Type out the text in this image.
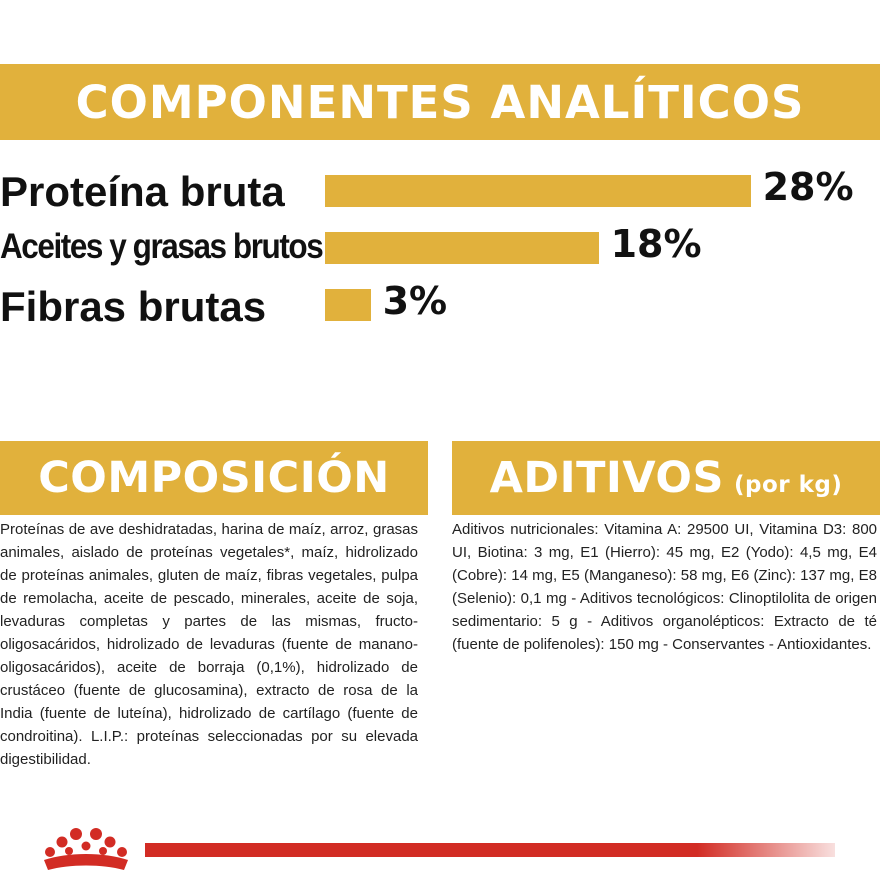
COMPONENTES ANALÍTICOS
Proteína bruta	28%
Aceites y grasas brutos	18%
Fibras brutas	3%
COMPOSICIÓN

Proteínas de ave deshidratadas, harina de maíz, arroz, grasas animales, aislado de proteínas vegetales*, maíz, hidrolizado de proteínas animales, gluten de maíz, fibras vegetales, pulpa de remolacha, aceite de pescado, minerales, aceite de soja, levaduras completas y partes de las mismas, fructo-oligosacáridos, hidrolizado de levaduras (fuente de manano-oligosacáridos), aceite de borraja (0,1%), hidrolizado de crustáceo (fuente de glucosamina), extracto de rosa de la India (fuente de luteína), hidrolizado de cartílago (fuente de condroitina). L.I.P.: proteínas seleccionadas por su elevada digestibilidad.

ADITIVOS (por kg)

Aditivos nutricionales: Vitamina A: 29500 UI, Vitamina D3: 800 UI, Biotina: 3 mg, E1 (Hierro): 45 mg, E2 (Yodo): 4,5 mg, E4 (Cobre): 14 mg, E5 (Manganeso): 58 mg, E6 (Zinc): 137 mg, E8 (Selenio): 0,1 mg - Aditivos tecnológicos: Clinoptilolita de origen sedimentario: 5 g - Aditivos organolépticos: Extracto de té (fuente de polifenoles): 150 mg - Conservantes - Antioxidantes.
